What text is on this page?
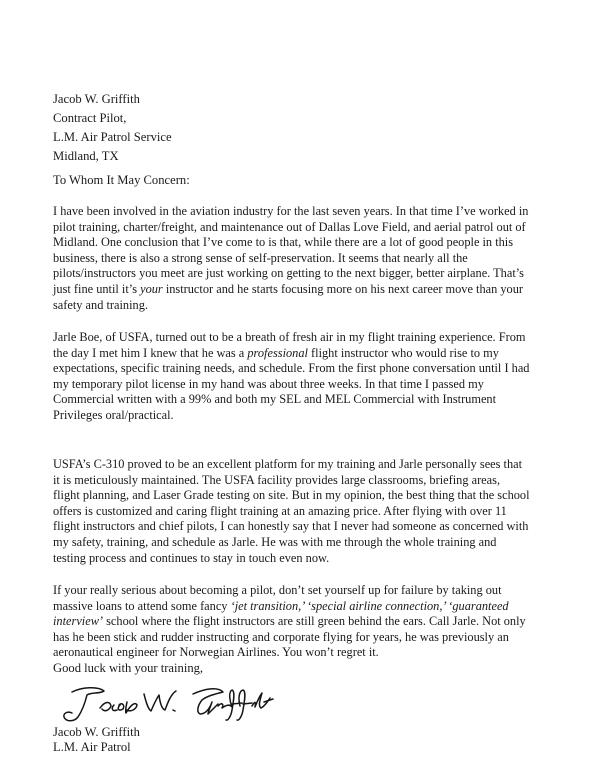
Jacob W. Griffith
Contract Pilot,
L.M. Air Patrol Service
Midland, TX
To Whom It May Concern:
I have been involved in the aviation industry for the last seven years. In that time I’ve worked in
pilot training, charter/freight, and maintenance out of Dallas Love Field, and aerial patrol out of
Midland. One conclusion that I’ve come to is that, while there are a lot of good people in this
business, there is also a strong sense of self-preservation. It seems that nearly all the
pilots/instructors you meet are just working on getting to the next bigger, better airplane. That’s
just fine until it’s your instructor and he starts focusing more on his next career move than your
safety and training.
Jarle Boe, of USFA, turned out to be a breath of fresh air in my flight training experience. From
the day I met him I knew that he was a professional flight instructor who would rise to my
expectations, specific training needs, and schedule. From the first phone conversation until I had
my temporary pilot license in my hand was about three weeks. In that time I passed my
Commercial written with a 99% and both my SEL and MEL Commercial with Instrument
Privileges oral/practical.
USFA’s C-310 proved to be an excellent platform for my training and Jarle personally sees that
it is meticulously maintained. The USFA facility provides large classrooms, briefing areas,
flight planning, and Laser Grade testing on site. But in my opinion, the best thing that the school
offers is customized and caring flight training at an amazing price. After flying with over 11
flight instructors and chief pilots, I can honestly say that I never had someone as concerned with
my safety, training, and schedule as Jarle. He was with me through the whole training and
testing process and continues to stay in touch even now.
If your really serious about becoming a pilot, don’t set yourself up for failure by taking out
massive loans to attend some fancy ‘jet transition,’ ‘special airline connection,’ ‘guaranteed
interview’ school where the flight instructors are still green behind the ears. Call Jarle. Not only
has he been stick and rudder instructing and corporate flying for years, he was previously an
aeronautical engineer for Norwegian Airlines. You won’t regret it.
Good luck with your training,
Jacob W. Griffith
L.M. Air Patrol
